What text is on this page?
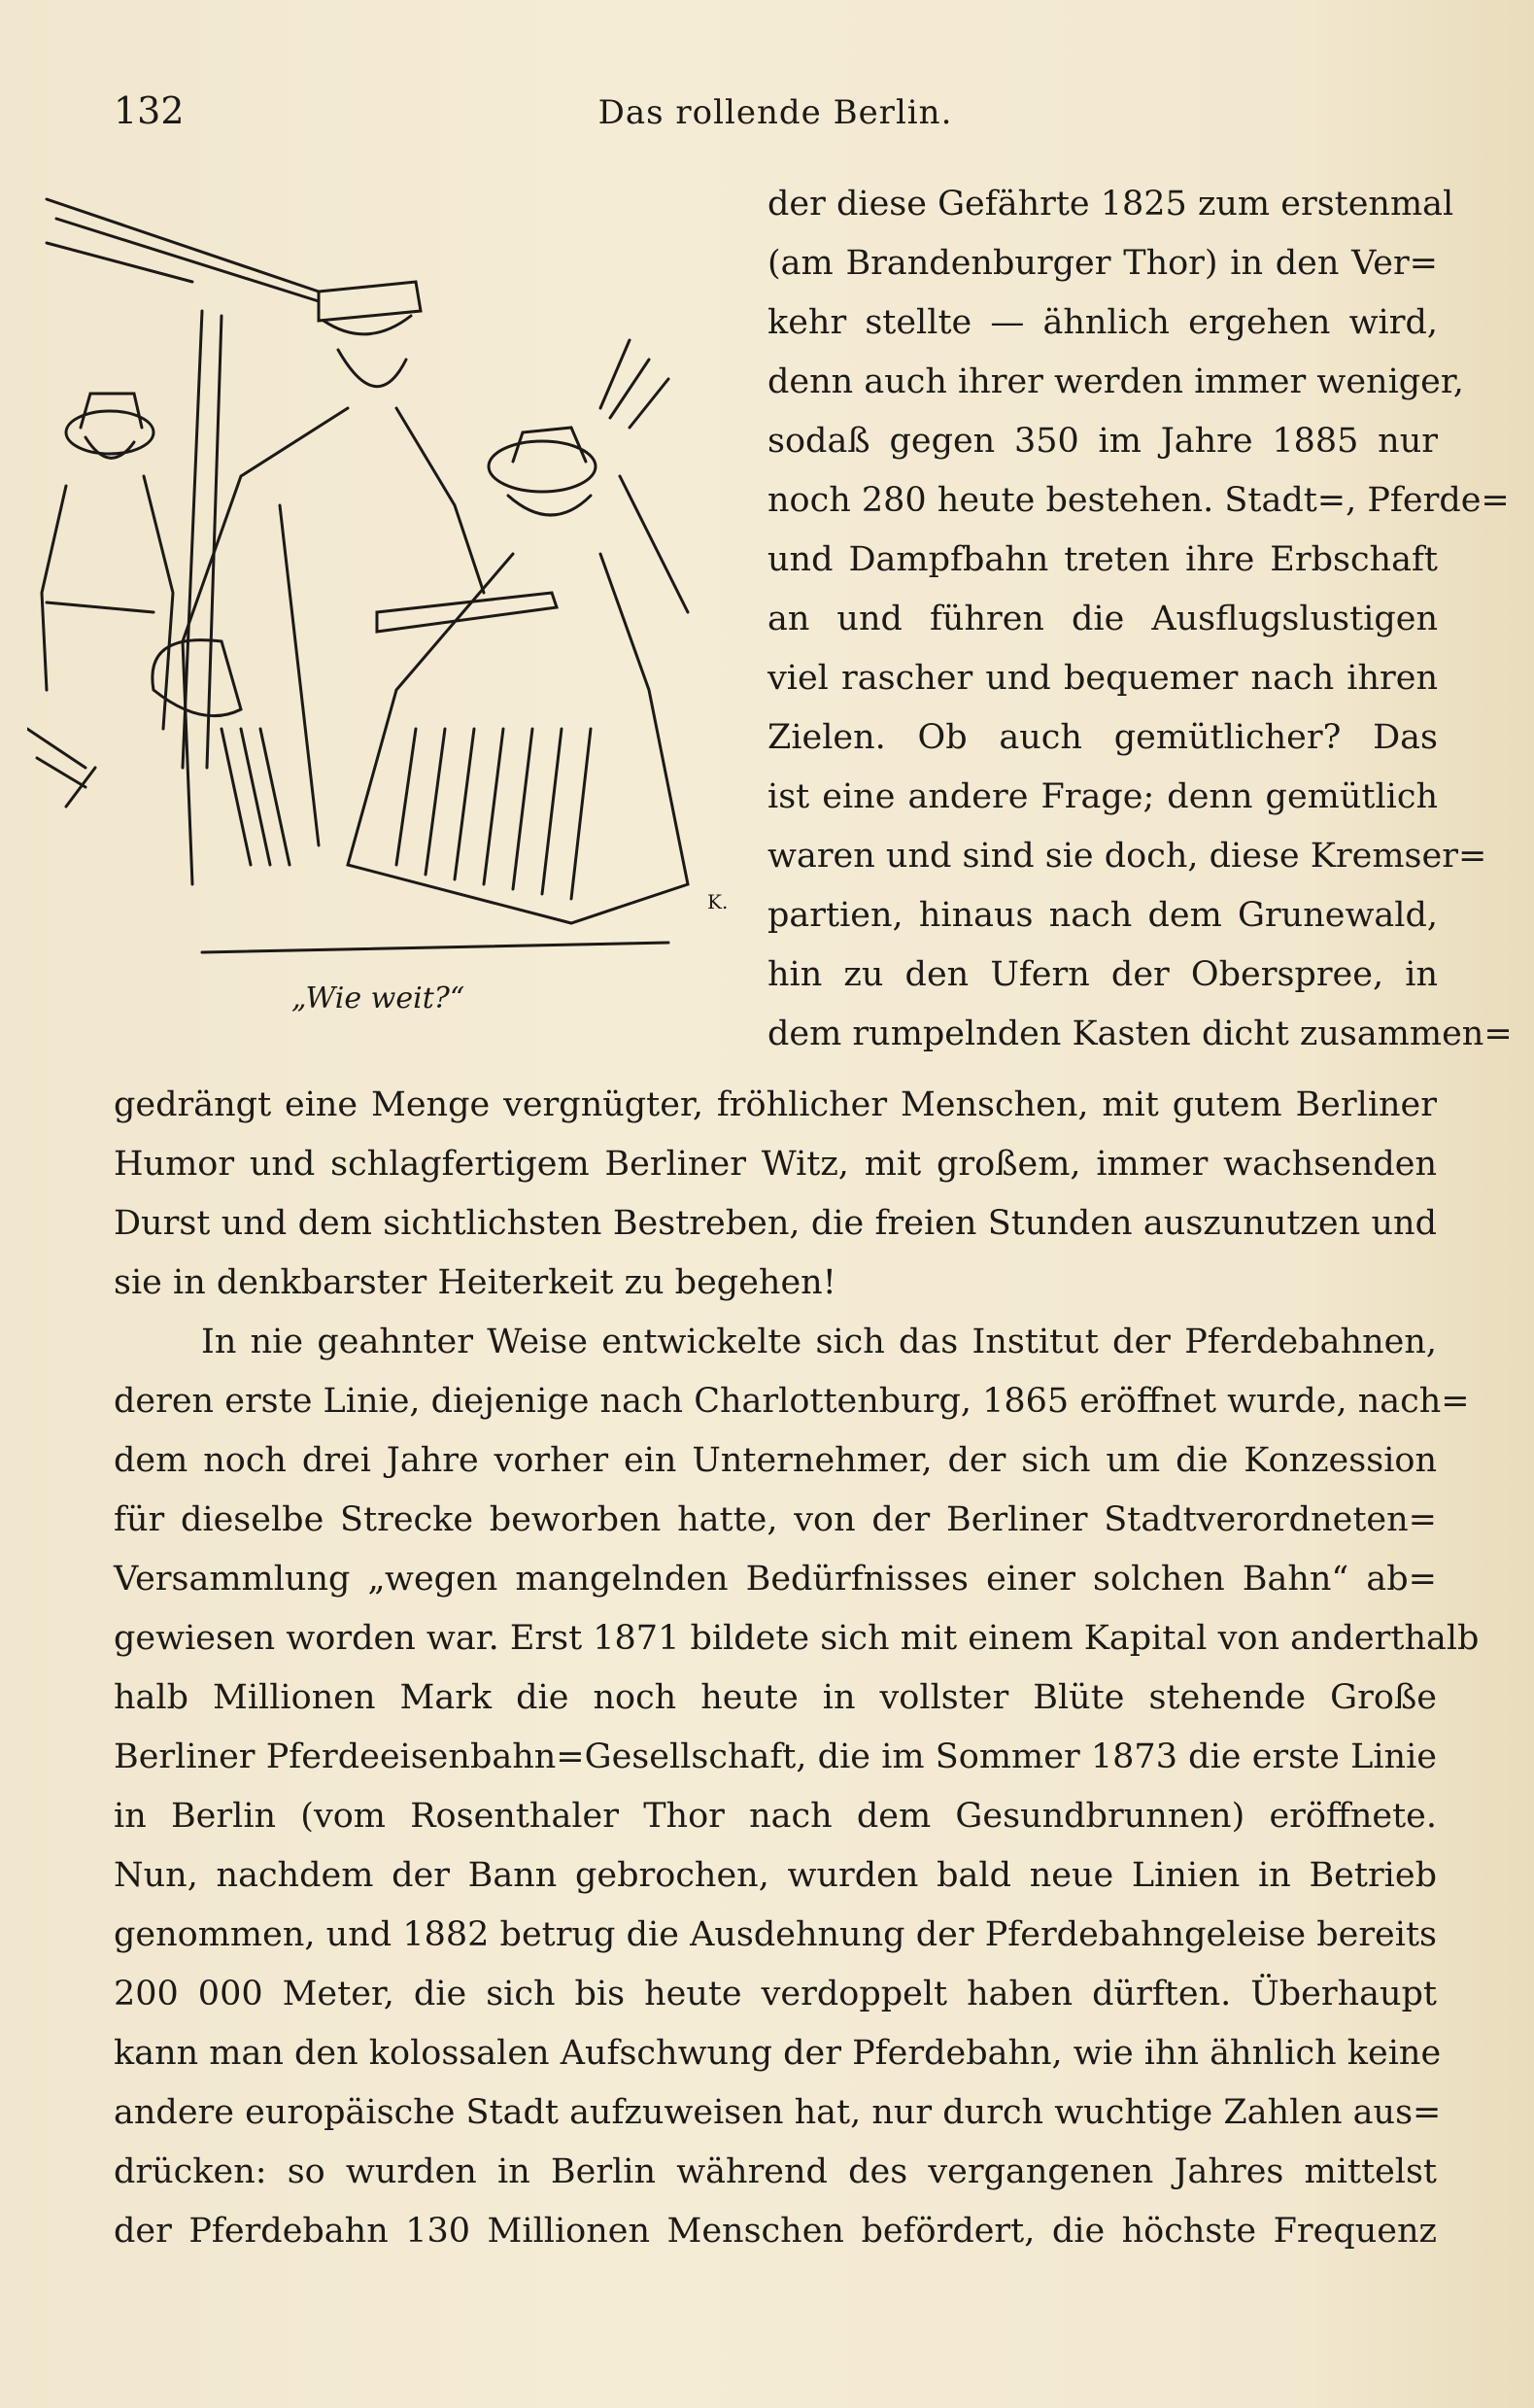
132	Das rollende Berlin.
K.
„Wie weit?“
der diese Gefährte 1825 zum erstenmal
(am Brandenburger Thor) in den Ver=
kehr stellte — ähnlich ergehen wird,
denn auch ihrer werden immer weniger,
sodaß gegen 350 im Jahre 1885 nur
noch 280 heute bestehen. Stadt=, Pferde=
und Dampfbahn treten ihre Erbschaft
an und führen die Ausflugslustigen
viel rascher und bequemer nach ihren
Zielen. Ob auch gemütlicher? Das
ist eine andere Frage; denn gemütlich
waren und sind sie doch, diese Kremser=
partien, hinaus nach dem Grunewald,
hin zu den Ufern der Oberspree, in
dem rumpelnden Kasten dicht zusammen=
gedrängt eine Menge vergnügter, fröhlicher Menschen, mit gutem Berliner
Humor und schlagfertigem Berliner Witz, mit großem, immer wachsenden
Durst und dem sichtlichsten Bestreben, die freien Stunden auszunutzen und
sie in denkbarster Heiterkeit zu begehen!
In nie geahnter Weise entwickelte sich das Institut der Pferdebahnen,
deren erste Linie, diejenige nach Charlottenburg, 1865 eröffnet wurde, nach=
dem noch drei Jahre vorher ein Unternehmer, der sich um die Konzession
für dieselbe Strecke beworben hatte, von der Berliner Stadtverordneten=
Versammlung „wegen mangelnden Bedürfnisses einer solchen Bahn“ ab=
gewiesen worden war. Erst 1871 bildete sich mit einem Kapital von anderthalb
halb Millionen Mark die noch heute in vollster Blüte stehende Große
Berliner Pferdeeisenbahn=Gesellschaft, die im Sommer 1873 die erste Linie
in Berlin (vom Rosenthaler Thor nach dem Gesundbrunnen) eröffnete.
Nun, nachdem der Bann gebrochen, wurden bald neue Linien in Betrieb
genommen, und 1882 betrug die Ausdehnung der Pferdebahngeleise bereits
200 000 Meter, die sich bis heute verdoppelt haben dürften. Überhaupt
kann man den kolossalen Aufschwung der Pferdebahn, wie ihn ähnlich keine
andere europäische Stadt aufzuweisen hat, nur durch wuchtige Zahlen aus=
drücken: so wurden in Berlin während des vergangenen Jahres mittelst
der Pferdebahn 130 Millionen Menschen befördert, die höchste Frequenz
